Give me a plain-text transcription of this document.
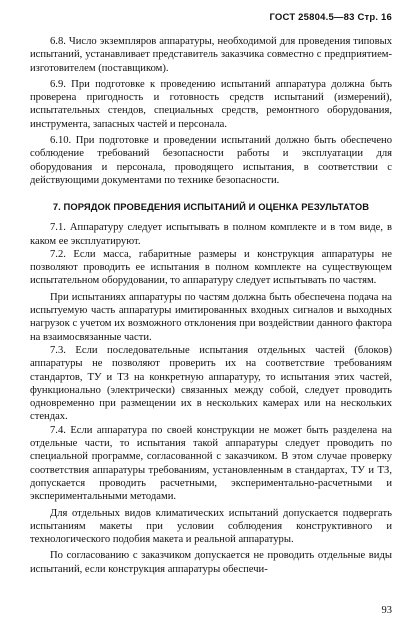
ГОСТ 25804.5—83 Стр. 16

6.8. Число экземпляров аппаратуры, необходимой для проведения типовых испытаний, устанавливает представитель заказчика совместно с предприятием-изготовителем (поставщиком).

6.9. При подготовке к проведению испытаний аппаратура должна быть проверена пригодность и готовность средств испытаний (измерений), испытательных стендов, специальных средств, ремонтного оборудования, инструмента, запасных частей и персонала.

6.10. При подготовке и проведении испытаний должно быть обеспечено соблюдение требований безопасности работы и эксплуатации для оборудования и персонала, проводящего испытания, в соответствии с действующими документами по технике безопасности.

7. ПОРЯДОК ПРОВЕДЕНИЯ ИСПЫТАНИЙ И ОЦЕНКА РЕЗУЛЬТАТОВ

7.1. Аппаратуру следует испытывать в полном комплекте и в том виде, в каком ее эксплуатируют.

7.2. Если масса, габаритные размеры и конструкция аппаратуры не позволяют проводить ее испытания в полном комплекте на существующем испытательном оборудовании, то аппаратуру следует испытывать по частям.

При испытаниях аппаратуры по частям должна быть обеспечена подача на испытуемую часть аппаратуры имитированных входных сигналов и выходных нагрузок с учетом их возможного отклонения при воздействии данного фактора на взаимосвязанные части.

7.3. Если последовательные испытания отдельных частей (блоков) аппаратуры не позволяют проверить их на соответствие требованиям стандартов, ТУ и ТЗ на конкретную аппаратуру, то испытания этих частей, функционально (электрически) связанных между собой, следует проводить одновременно при размещении их в нескольких камерах или на нескольких стендах.

7.4. Если аппаратура по своей конструкции не может быть разделена на отдельные части, то испытания такой аппаратуры следует проводить по специальной программе, согласованной с заказчиком. В этом случае проверку соответствия аппаратуры требованиям, установленным в стандартах, ТУ и ТЗ, допускается проводить расчетными, экспериментально-расчетными и экспериментальными методами.

Для отдельных видов климатических испытаний допускается подвергать испытаниям макеты при условии соблюдения конструктивного и технологического подобия макета и реальной аппаратуры.

По согласованию с заказчиком допускается не проводить отдельные виды испытаний, если конструкция аппаратуры обеспечи-

93
